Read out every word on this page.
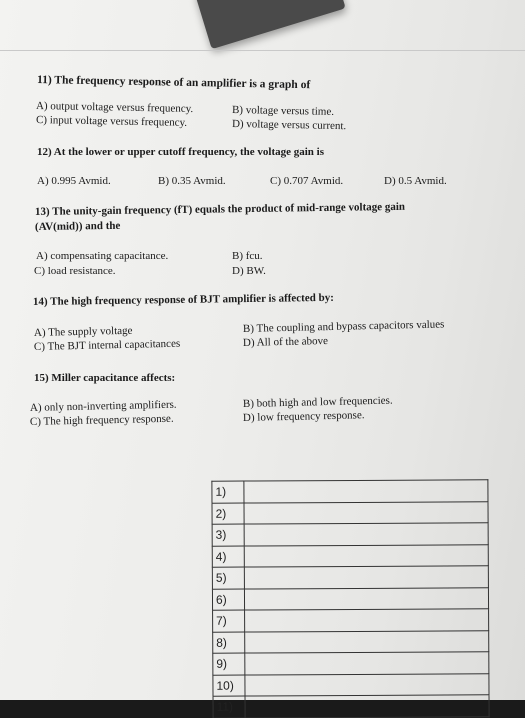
11) The frequency response of an amplifier is a graph of
A) output voltage versus frequency.	B) voltage versus time.
C) input voltage versus frequency.	D) voltage versus current.
12) At the lower or upper cutoff frequency, the voltage gain is
A) 0.995 Avmid.	B) 0.35 Avmid.	C) 0.707 Avmid.	D) 0.5 Avmid.
13) The unity-gain frequency (fT) equals the product of mid-range voltage gain
(AV(mid)) and the
A) compensating capacitance.	B) fcu.
C) load resistance.	D) BW.
14) The high frequency response of BJT amplifier is affected by:
A) The supply voltage	B) The coupling and bypass capacitors values
C) The BJT internal capacitances	D) All of the above
15) Miller capacitance affects:
A) only non-inverting amplifiers.	B) both high and low frequencies.
C) The high frequency response.	D) low frequency response.
1)	
2)	
3)	
4)	
5)	
6)	
7)	
8)	
9)	
10)	
11)	
